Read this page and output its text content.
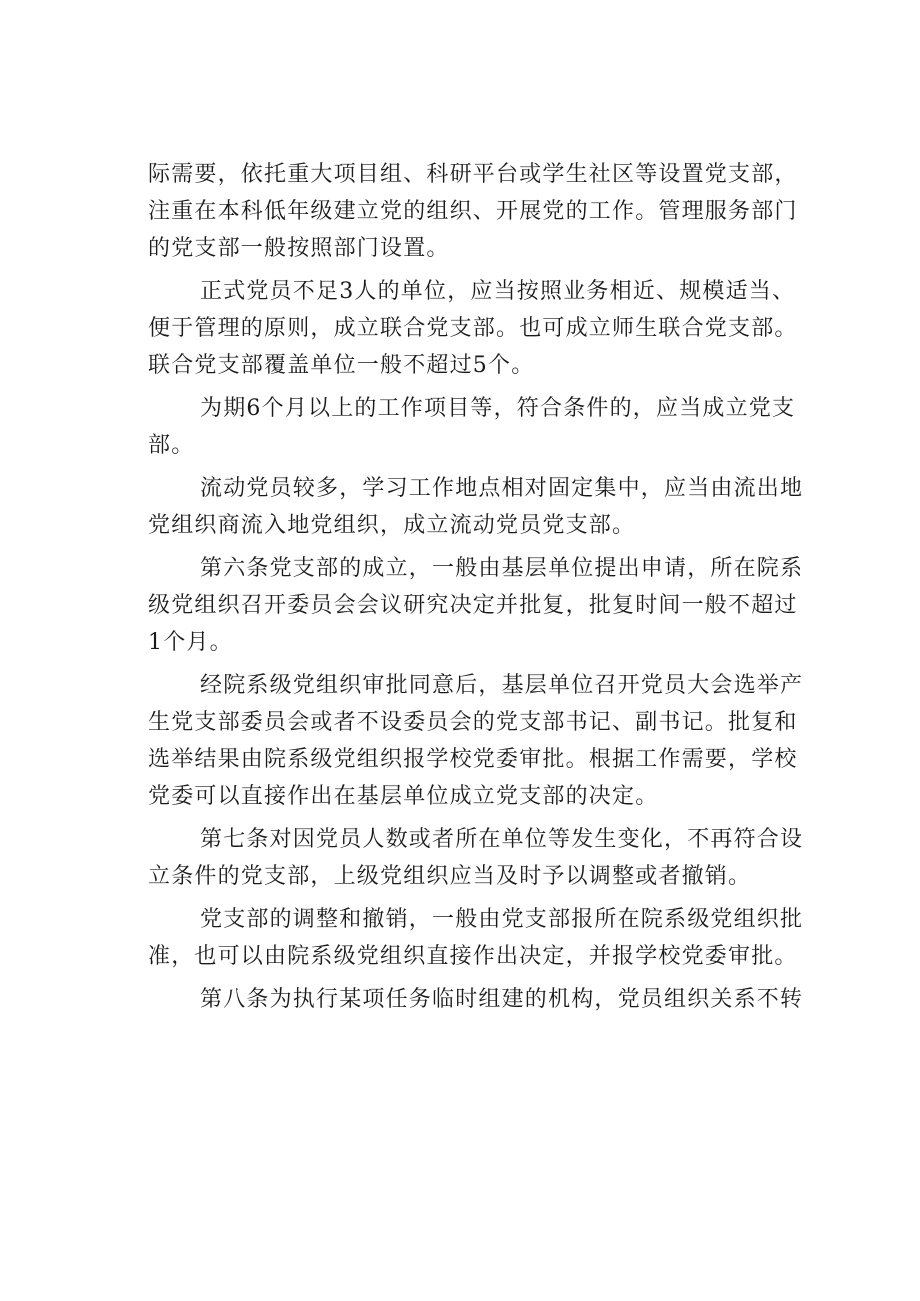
际需要，依托重大项目组、科研平台或学生社区等设置党支部，
注重在本科低年级建立党的组织、开展党的工作。管理服务部门
的党支部一般按照部门设置。

正式党员不足3人的单位，应当按照业务相近、规模适当、
便于管理的原则，成立联合党支部。也可成立师生联合党支部。
联合党支部覆盖单位一般不超过5个。

为期6个月以上的工作项目等，符合条件的，应当成立党支
部。

流动党员较多，学习工作地点相对固定集中，应当由流出地
党组织商流入地党组织，成立流动党员党支部。

第六条党支部的成立，一般由基层单位提出申请，所在院系
级党组织召开委员会会议研究决定并批复，批复时间一般不超过
1个月。

经院系级党组织审批同意后，基层单位召开党员大会选举产
生党支部委员会或者不设委员会的党支部书记、副书记。批复和
选举结果由院系级党组织报学校党委审批。根据工作需要，学校
党委可以直接作出在基层单位成立党支部的决定。

第七条对因党员人数或者所在单位等发生变化，不再符合设
立条件的党支部，上级党组织应当及时予以调整或者撤销。

党支部的调整和撤销，一般由党支部报所在院系级党组织批
准，也可以由院系级党组织直接作出决定，并报学校党委审批。

第八条为执行某项任务临时组建的机构，党员组织关系不转
